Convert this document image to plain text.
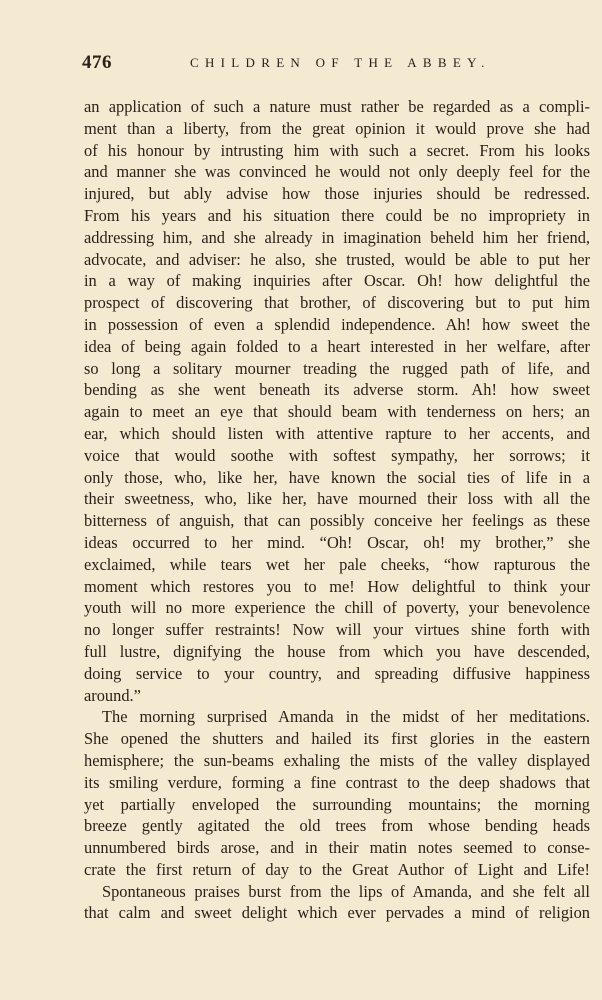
476	CHILDREN OF THE ABBEY.
an application of such a nature must rather be regarded as a compli-
ment than a liberty, from the great opinion it would prove she had
of his honour by intrusting him with such a secret. From his looks
and manner she was convinced he would not only deeply feel for the
injured, but ably advise how those injuries should be redressed.
From his years and his situation there could be no impropriety in
addressing him, and she already in imagination beheld him her friend,
advocate, and adviser: he also, she trusted, would be able to put her
in a way of making inquiries after Oscar. Oh! how delightful the
prospect of discovering that brother, of discovering but to put him
in possession of even a splendid independence. Ah! how sweet the
idea of being again folded to a heart interested in her welfare, after
so long a solitary mourner treading the rugged path of life, and
bending as she went beneath its adverse storm. Ah! how sweet
again to meet an eye that should beam with tenderness on hers; an
ear, which should listen with attentive rapture to her accents, and
voice that would soothe with softest sympathy, her sorrows; it
only those, who, like her, have known the social ties of life in a
their sweetness, who, like her, have mourned their loss with all the
bitterness of anguish, that can possibly conceive her feelings as these
ideas occurred to her mind. “Oh! Oscar, oh! my brother,” she
exclaimed, while tears wet her pale cheeks, “how rapturous the
moment which restores you to me! How delightful to think your
youth will no more experience the chill of poverty, your benevolence
no longer suffer restraints! Now will your virtues shine forth with
full lustre, dignifying the house from which you have descended,
doing service to your country, and spreading diffusive happiness
around.”
The morning surprised Amanda in the midst of her meditations.
She opened the shutters and hailed its first glories in the eastern
hemisphere; the sun-beams exhaling the mists of the valley displayed
its smiling verdure, forming a fine contrast to the deep shadows that
yet partially enveloped the surrounding mountains; the morning
breeze gently agitated the old trees from whose bending heads
unnumbered birds arose, and in their matin notes seemed to conse-
crate the first return of day to the Great Author of Light and Life!
Spontaneous praises burst from the lips of Amanda, and she felt all
that calm and sweet delight which ever pervades a mind of religion
